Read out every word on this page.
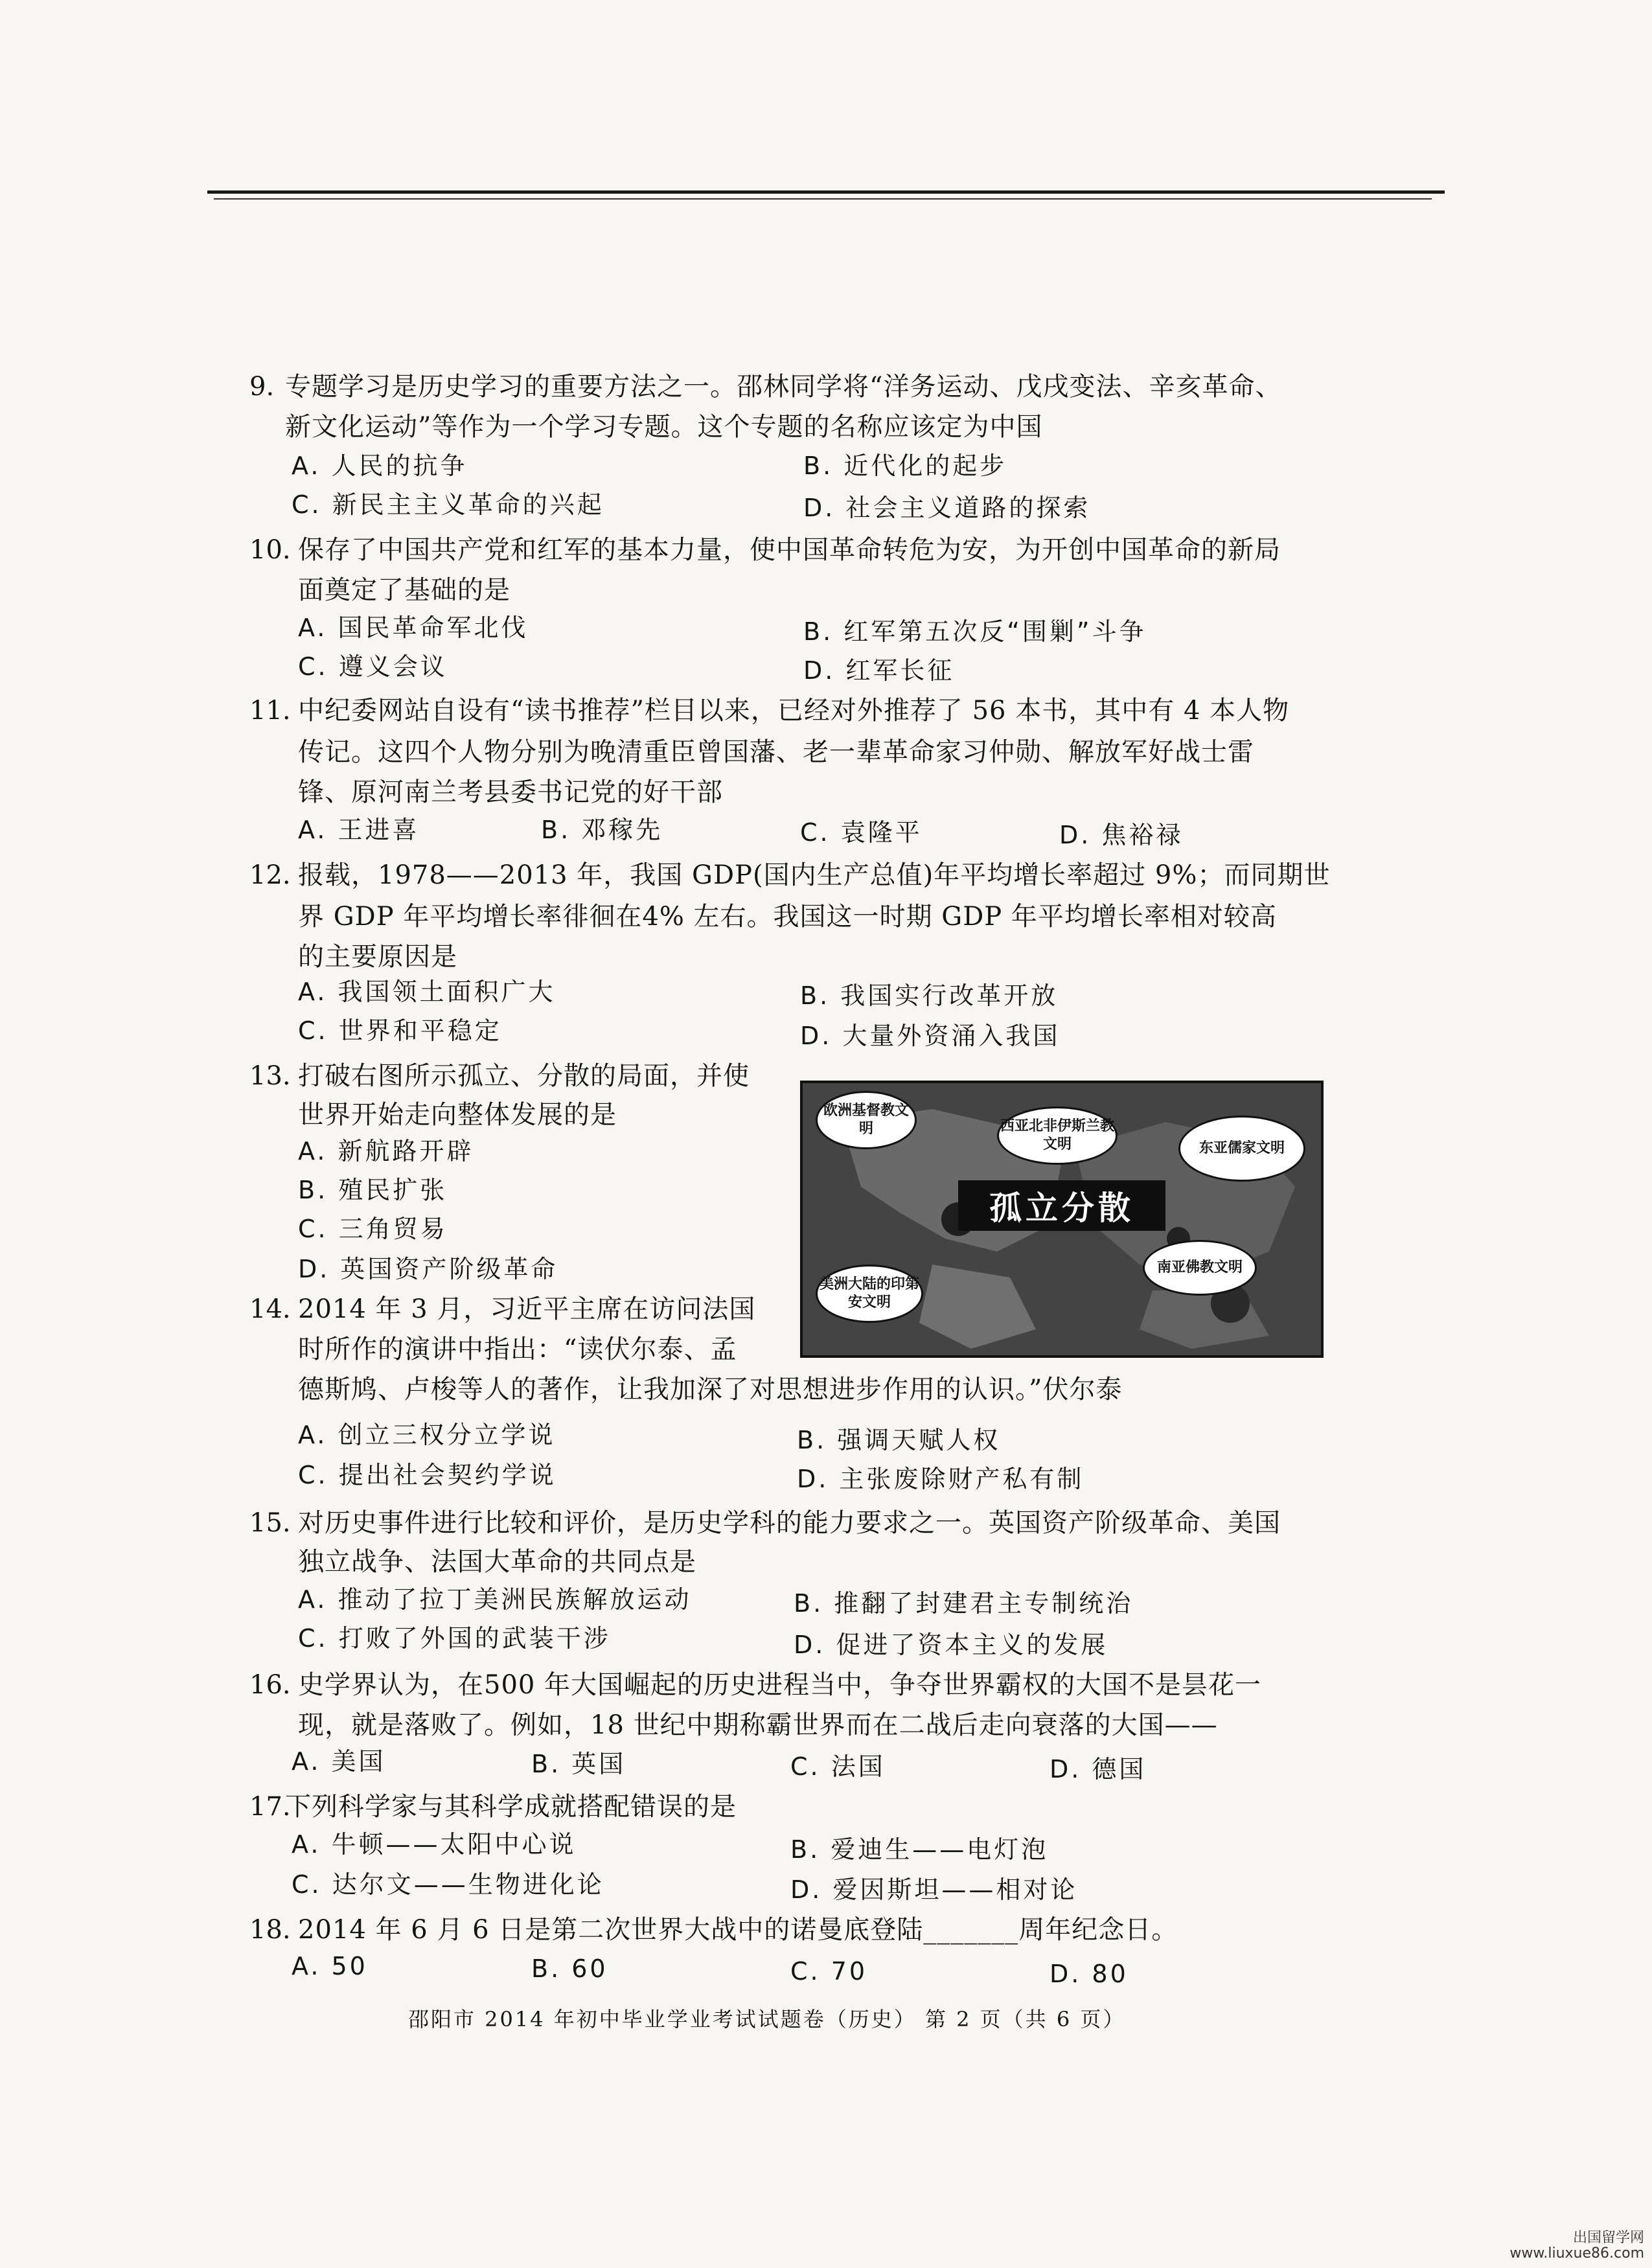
9. 专题学习是历史学习的重要方法之一。邵林同学将“洋务运动、戊戌变法、辛亥革命、
新文化运动”等作为一个学习专题。这个专题的名称应该定为中国
A. 人民的抗争	B. 近代化的起步
C. 新民主主义革命的兴起	D. 社会主义道路的探索
10. 保存了中国共产党和红军的基本力量，使中国革命转危为安，为开创中国革命的新局
面奠定了基础的是
A. 国民革命军北伐	B. 红军第五次反“围剿”斗争
C. 遵义会议	D. 红军长征
11. 中纪委网站自设有“读书推荐”栏目以来，已经对外推荐了 56 本书，其中有 4 本人物
传记。这四个人物分别为晚清重臣曾国藩、老一辈革命家习仲勋、解放军好战士雷
锋、原河南兰考县委书记党的好干部
A. 王进喜	B. 邓稼先	C. 袁隆平	D. 焦裕禄
12. 报载，1978——2013 年，我国 GDP(国内生产总值)年平均增长率超过 9%；而同期世
界 GDP 年平均增长率徘徊在4% 左右。我国这一时期 GDP 年平均增长率相对较高
的主要原因是
A. 我国领土面积广大	B. 我国实行改革开放
C. 世界和平稳定	D. 大量外资涌入我国
13. 打破右图所示孤立、分散的局面，并使
世界开始走向整体发展的是
A. 新航路开辟
B. 殖民扩张
C. 三角贸易
D. 英国资产阶级革命
欧洲基督教文明	西亚北非伊斯兰教文明	东亚儒家文明
孤立分散
美洲大陆的印第安文明
南亚佛教文明
14. 2014 年 3 月，习近平主席在访问法国
时所作的演讲中指出：“读伏尔泰、孟
德斯鸠、卢梭等人的著作，让我加深了对思想进步作用的认识。”伏尔泰
A. 创立三权分立学说	B. 强调天赋人权
C. 提出社会契约学说	D. 主张废除财产私有制
15. 对历史事件进行比较和评价，是历史学科的能力要求之一。英国资产阶级革命、美国
独立战争、法国大革命的共同点是
A. 推动了拉丁美洲民族解放运动	B. 推翻了封建君主专制统治
C. 打败了外国的武装干涉	D. 促进了资本主义的发展
16. 史学界认为，在500 年大国崛起的历史进程当中，争夺世界霸权的大国不是昙花一
现，就是落败了。例如，18 世纪中期称霸世界而在二战后走向衰落的大国——
A. 美国	B. 英国	C. 法国	D. 德国
17.
下列科学家与其科学成就搭配错误的是
A. 牛顿——太阳中心说	B. 爱迪生——电灯泡
C. 达尔文——生物进化论	D. 爱因斯坦——相对论
18. 2014 年 6 月 6 日是第二次世界大战中的诺曼底登陆_______周年纪念日。
A. 50	B. 60	C. 70	D. 80
邵阳市 2014 年初中毕业学业考试试题卷（历史） 第 2 页（共 6 页）
出国留学网
www.liuxue86.com
